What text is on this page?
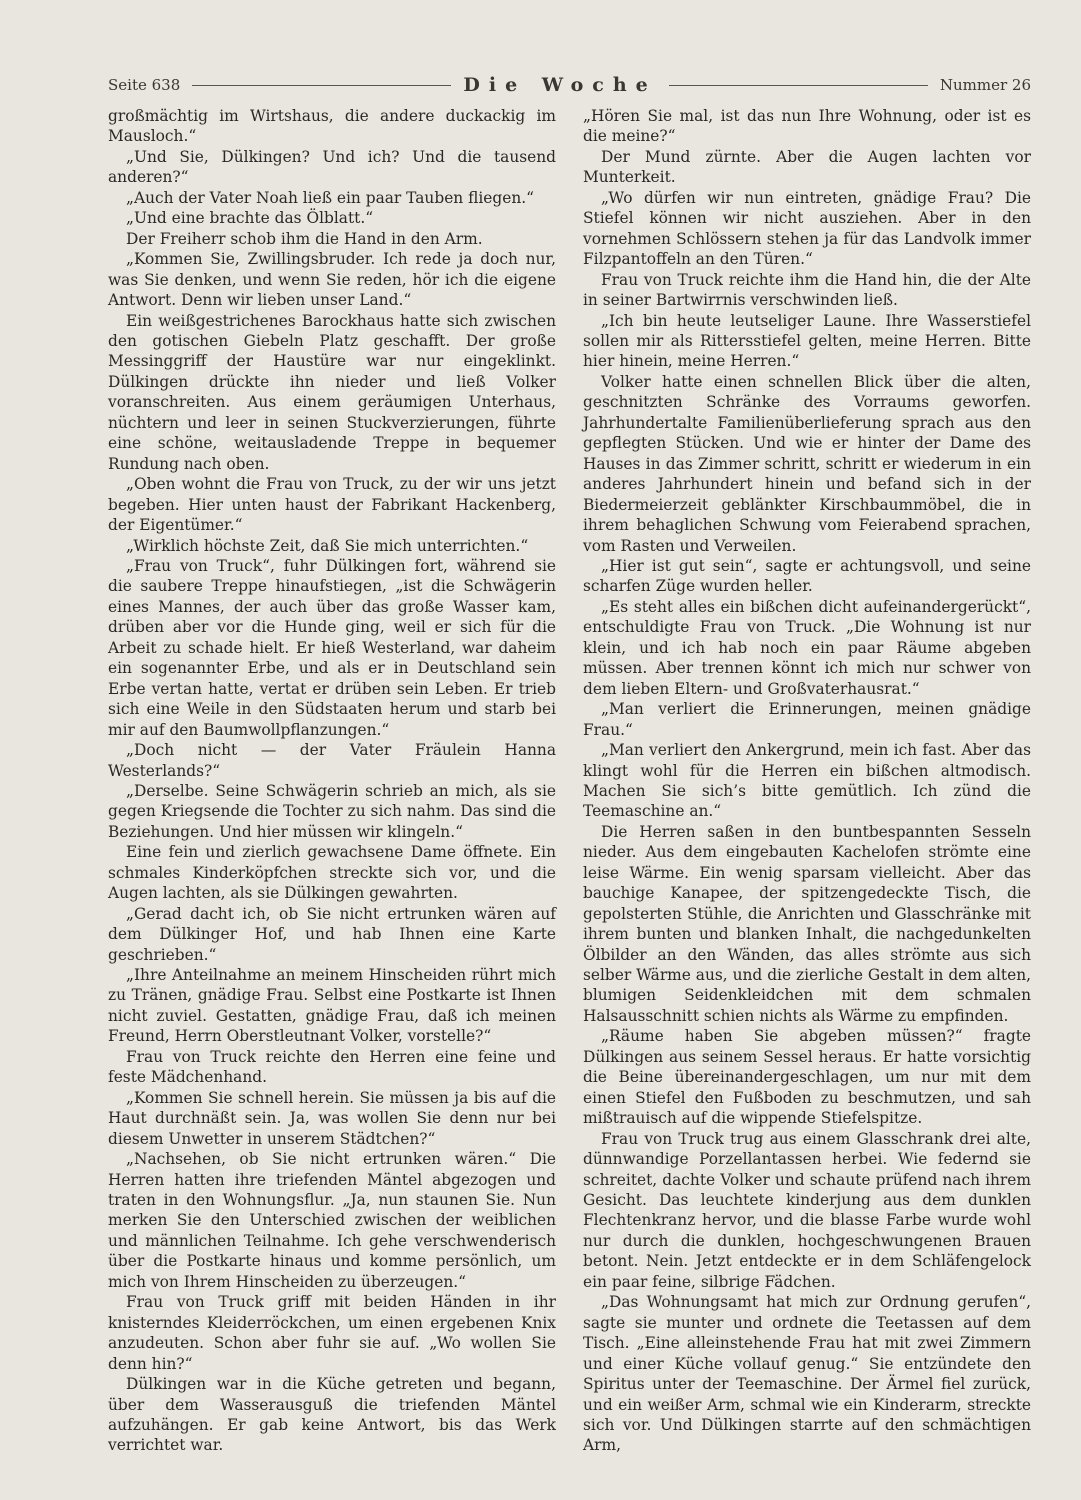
Seite 638	Die Woche	Nummer 26

großmächtig im Wirtshaus, die andere duckackig im Mausloch.“

„Und Sie, Dülkingen? Und ich? Und die tausend anderen?“

„Auch der Vater Noah ließ ein paar Tauben fliegen.“

„Und eine brachte das Ölblatt.“

Der Freiherr schob ihm die Hand in den Arm.

„Kommen Sie, Zwillingsbruder. Ich rede ja doch nur, was Sie denken, und wenn Sie reden, hör ich die eigene Antwort. Denn wir lieben unser Land.“

Ein weißgestrichenes Barockhaus hatte sich zwischen den gotischen Giebeln Platz geschafft. Der große Messinggriff der Haustüre war nur eingeklinkt. Dülkingen drückte ihn nieder und ließ Volker voranschreiten. Aus einem geräumigen Unterhaus, nüchtern und leer in seinen Stuckverzierungen, führte eine schöne, weitausladende Treppe in bequemer Rundung nach oben.

„Oben wohnt die Frau von Truck, zu der wir uns jetzt begeben. Hier unten haust der Fabrikant Hackenberg, der Eigentümer.“

„Wirklich höchste Zeit, daß Sie mich unterrichten.“

„Frau von Truck“, fuhr Dülkingen fort, während sie die saubere Treppe hinaufstiegen, „ist die Schwägerin eines Mannes, der auch über das große Wasser kam, drüben aber vor die Hunde ging, weil er sich für die Arbeit zu schade hielt. Er hieß Westerland, war daheim ein sogenannter Erbe, und als er in Deutschland sein Erbe vertan hatte, vertat er drüben sein Leben. Er trieb sich eine Weile in den Südstaaten herum und starb bei mir auf den Baumwollpflanzungen.“

„Doch nicht — der Vater Fräulein Hanna Westerlands?“

„Derselbe. Seine Schwägerin schrieb an mich, als sie gegen Kriegsende die Tochter zu sich nahm. Das sind die Beziehungen. Und hier müssen wir klingeln.“

Eine fein und zierlich gewachsene Dame öffnete. Ein schmales Kinderköpfchen streckte sich vor, und die Augen lachten, als sie Dülkingen gewahrten.

„Gerad dacht ich, ob Sie nicht ertrunken wären auf dem Dülkinger Hof, und hab Ihnen eine Karte geschrieben.“

„Ihre Anteilnahme an meinem Hinscheiden rührt mich zu Tränen, gnädige Frau. Selbst eine Postkarte ist Ihnen nicht zuviel. Gestatten, gnädige Frau, daß ich meinen Freund, Herrn Oberstleutnant Volker, vorstelle?“

Frau von Truck reichte den Herren eine feine und feste Mädchenhand.

„Kommen Sie schnell herein. Sie müssen ja bis auf die Haut durchnäßt sein. Ja, was wollen Sie denn nur bei diesem Unwetter in unserem Städtchen?“

„Nachsehen, ob Sie nicht ertrunken wären.“ Die Herren hatten ihre triefenden Mäntel abgezogen und traten in den Wohnungsflur. „Ja, nun staunen Sie. Nun merken Sie den Unterschied zwischen der weiblichen und männlichen Teilnahme. Ich gehe verschwenderisch über die Postkarte hinaus und komme persönlich, um mich von Ihrem Hinscheiden zu überzeugen.“

Frau von Truck griff mit beiden Händen in ihr knisterndes Kleiderröckchen, um einen ergebenen Knix anzudeuten. Schon aber fuhr sie auf. „Wo wollen Sie denn hin?“

Dülkingen war in die Küche getreten und begann, über dem Wasserausguß die triefenden Mäntel aufzuhängen. Er gab keine Antwort, bis das Werk verrichtet war.

„Hören Sie mal, ist das nun Ihre Wohnung, oder ist es die meine?“

Der Mund zürnte. Aber die Augen lachten vor Munterkeit.

„Wo dürfen wir nun eintreten, gnädige Frau? Die Stiefel können wir nicht ausziehen. Aber in den vornehmen Schlössern stehen ja für das Landvolk immer Filzpantoffeln an den Türen.“

Frau von Truck reichte ihm die Hand hin, die der Alte in seiner Bartwirrnis verschwinden ließ.

„Ich bin heute leutseliger Laune. Ihre Wasserstiefel sollen mir als Rittersstiefel gelten, meine Herren. Bitte hier hinein, meine Herren.“

Volker hatte einen schnellen Blick über die alten, geschnitzten Schränke des Vorraums geworfen. Jahrhundertalte Familienüberlieferung sprach aus den gepflegten Stücken. Und wie er hinter der Dame des Hauses in das Zimmer schritt, schritt er wiederum in ein anderes Jahrhundert hinein und befand sich in der Biedermeierzeit geblänkter Kirschbaummöbel, die in ihrem behaglichen Schwung vom Feierabend sprachen, vom Rasten und Verweilen.

„Hier ist gut sein“, sagte er achtungsvoll, und seine scharfen Züge wurden heller.

„Es steht alles ein bißchen dicht aufeinandergerückt“, entschuldigte Frau von Truck. „Die Wohnung ist nur klein, und ich hab noch ein paar Räume abgeben müssen. Aber trennen könnt ich mich nur schwer von dem lieben Eltern- und Großvaterhausrat.“

„Man verliert die Erinnerungen, meinen gnädige Frau.“

„Man verliert den Ankergrund, mein ich fast. Aber das klingt wohl für die Herren ein bißchen altmodisch. Machen Sie sich’s bitte gemütlich. Ich zünd die Teemaschine an.“

Die Herren saßen in den buntbespannten Sesseln nieder. Aus dem eingebauten Kachelofen strömte eine leise Wärme. Ein wenig sparsam vielleicht. Aber das bauchige Kanapee, der spitzengedeckte Tisch, die gepolsterten Stühle, die Anrichten und Glasschränke mit ihrem bunten und blanken Inhalt, die nachgedunkelten Ölbilder an den Wänden, das alles strömte aus sich selber Wärme aus, und die zierliche Gestalt in dem alten, blumigen Seidenkleidchen mit dem schmalen Halsausschnitt schien nichts als Wärme zu empfinden.

„Räume haben Sie abgeben müssen?“ fragte Dülkingen aus seinem Sessel heraus. Er hatte vorsichtig die Beine übereinandergeschlagen, um nur mit dem einen Stiefel den Fußboden zu beschmutzen, und sah mißtrauisch auf die wippende Stiefelspitze.

Frau von Truck trug aus einem Glasschrank drei alte, dünnwandige Porzellantassen herbei. Wie federnd sie schreitet, dachte Volker und schaute prüfend nach ihrem Gesicht. Das leuchtete kinderjung aus dem dunklen Flechtenkranz hervor, und die blasse Farbe wurde wohl nur durch die dunklen, hochgeschwungenen Brauen betont. Nein. Jetzt entdeckte er in dem Schläfengelock ein paar feine, silbrige Fädchen.

„Das Wohnungsamt hat mich zur Ordnung gerufen“, sagte sie munter und ordnete die Teetassen auf dem Tisch. „Eine alleinstehende Frau hat mit zwei Zimmern und einer Küche vollauf genug.“ Sie entzündete den Spiritus unter der Teemaschine. Der Ärmel fiel zurück, und ein weißer Arm, schmal wie ein Kinderarm, streckte sich vor. Und Dülkingen starrte auf den schmächtigen Arm,
